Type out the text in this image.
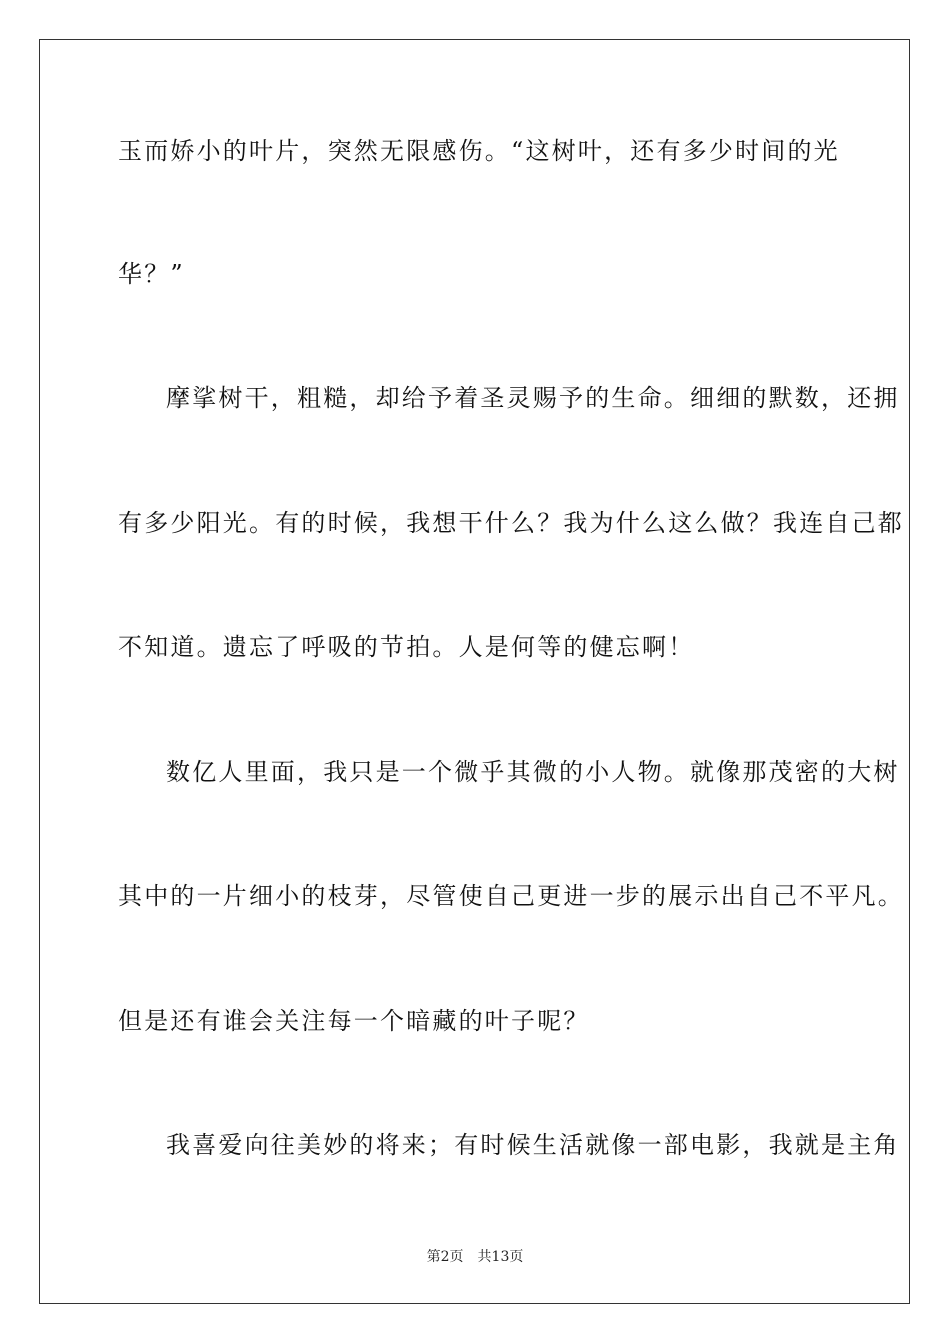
玉而娇小的叶片，突然无限感伤。“这树叶，还有多少时间的光
华？”
摩挲树干，粗糙，却给予着圣灵赐予的生命。细细的默数，还拥
有多少阳光。有的时候，我想干什么？我为什么这么做？我连自己都
不知道。遗忘了呼吸的节拍。人是何等的健忘啊！
数亿人里面，我只是一个微乎其微的小人物。就像那茂密的大树
其中的一片细小的枝芽，尽管使自己更进一步的展示出自己不平凡。
但是还有谁会关注每一个暗藏的叶子呢？
我喜爱向往美妙的将来；有时候生活就像一部电影，我就是主角
第2页 共13页
